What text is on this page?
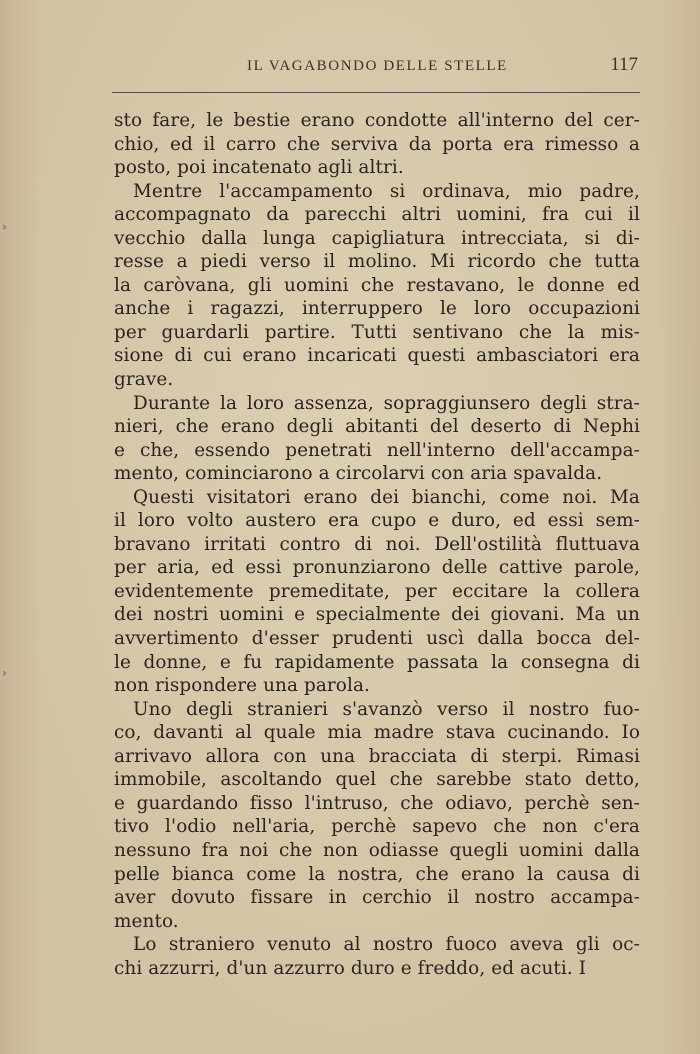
IL VAGABONDO DELLE STELLE	117
sto fare, le bestie erano condotte all'interno del cer-
chio, ed il carro che serviva da porta era rimesso a
posto, poi incatenato agli altri.
Mentre l'accampamento si ordinava, mio padre,
accompagnato da parecchi altri uomini, fra cui il
vecchio dalla lunga capigliatura intrecciata, si di-
resse a piedi verso il molino. Mi ricordo che tutta
la caròvana, gli uomini che restavano, le donne ed
anche i ragazzi, interruppero le loro occupazioni
per guardarli partire. Tutti sentivano che la mis-
sione di cui erano incaricati questi ambasciatori era
grave.
Durante la loro assenza, sopraggiunsero degli stra-
nieri, che erano degli abitanti del deserto di Nephi
e che, essendo penetrati nell'interno dell'accampa-
mento, cominciarono a circolarvi con aria spavalda.
Questi visitatori erano dei bianchi, come noi. Ma
il loro volto austero era cupo e duro, ed essi sem-
bravano irritati contro di noi. Dell'ostilità fluttuava
per aria, ed essi pronunziarono delle cattive parole,
evidentemente premeditate, per eccitare la collera
dei nostri uomini e specialmente dei giovani. Ma un
avvertimento d'esser prudenti uscì dalla bocca del-
le donne, e fu rapidamente passata la consegna di
non rispondere una parola.
Uno degli stranieri s'avanzò verso il nostro fuo-
co, davanti al quale mia madre stava cucinando. Io
arrivavo allora con una bracciata di sterpi. Rimasi
immobile, ascoltando quel che sarebbe stato detto,
e guardando fisso l'intruso, che odiavo, perchè sen-
tivo l'odio nell'aria, perchè sapevo che non c'era
nessuno fra noi che non odiasse quegli uomini dalla
pelle bianca come la nostra, che erano la causa di
aver dovuto fissare in cerchio il nostro accampa-
mento.
Lo straniero venuto al nostro fuoco aveva gli oc-
chi azzurri, d'un azzurro duro e freddo, ed acuti. I
›
›
